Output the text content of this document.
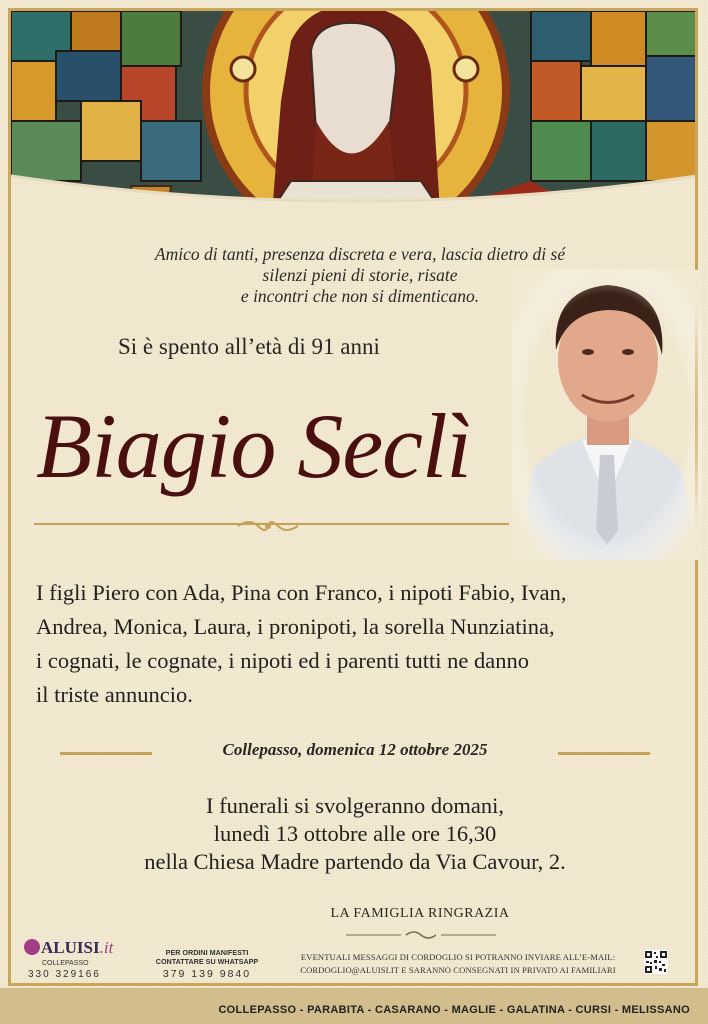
Amico di tanti, presenza discreta e vera, lascia dietro di sé
silenzi pieni di storie, risate
e incontri che non si dimenticano.
Si è spento all’età di 91 anni
Biagio Seclì
I figli Piero con Ada, Pina con Franco, i nipoti Fabio, Ivan,
Andrea, Monica, Laura, i pronipoti, la sorella Nunziatina,
i cognati, le cognate, i nipoti ed i parenti tutti ne danno
il triste annuncio.
Collepasso, domenica 12 ottobre 2025
I funerali si svolgeranno domani,
lunedì 13 ottobre alle ore 16,30
nella Chiesa Madre partendo da Via Cavour, 2.
LA FAMIGLIA RINGRAZIA
ALUISI.it
COLLEPASSO
330 329166
PER ORDINI MANIFESTI
CONTATTARE SU WHATSAPP
379 139 9840
EVENTUALI MESSAGGI DI CORDOGLIO SI POTRANNO INVIARE ALL’E-MAIL:
CORDOGLIO@ALUISI.IT E SARANNO CONSEGNATI IN PRIVATO AI FAMILIARI
COLLEPASSO - PARABITA - CASARANO - MAGLIE - GALATINA - CURSI - MELISSANO
